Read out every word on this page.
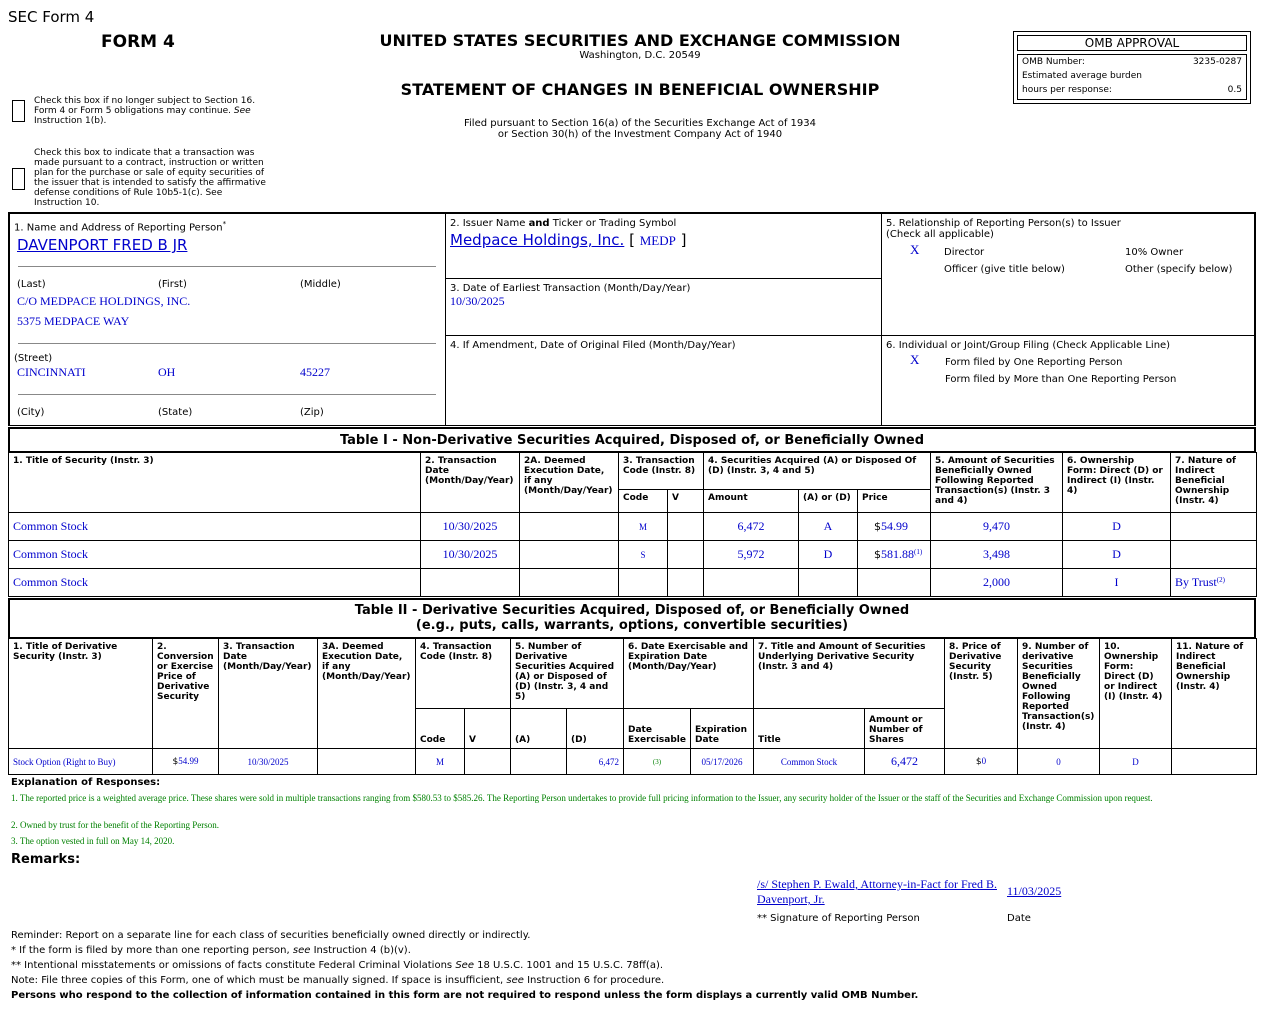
SEC Form 4
FORM 4	UNITED STATES SECURITIES AND EXCHANGE COMMISSION
Washington, D.C. 20549
STATEMENT OF CHANGES IN BENEFICIAL OWNERSHIP
Filed pursuant to Section 16(a) of the Securities Exchange Act of 1934
or Section 30(h) of the Investment Company Act of 1940
OMB APPROVAL
OMB Number:	3235-0287
Estimated average burden
hours per response:	0.5
Check this box if no longer subject to Section 16. Form 4 or Form 5 obligations may continue. See Instruction 1(b).
Check this box to indicate that a transaction was made pursuant to a contract, instruction or written plan for the purchase or sale of equity securities of the issuer that is intended to satisfy the affirmative defense conditions of Rule 10b5-1(c). See Instruction 10.
1. Name and Address of Reporting Person*
DAVENPORT FRED B JR
(Last)	(First)	(Middle)
C/O MEDPACE HOLDINGS, INC.
5375 MEDPACE WAY
(Street)
CINCINNATI	OH	45227
(City)	(State)	(Zip)
2. Issuer Name and Ticker or Trading Symbol
Medpace Holdings, Inc. [ MEDP ]
3. Date of Earliest Transaction (Month/Day/Year)
10/30/2025
4. If Amendment, Date of Original Filed (Month/Day/Year)
5. Relationship of Reporting Person(s) to Issuer
(Check all applicable)
X Director	10% Owner
Officer (give title below)	Other (specify below)
6. Individual or Joint/Group Filing (Check Applicable Line)
X	Form filed by One Reporting Person
Form filed by More than One Reporting Person
Table I - Non-Derivative Securities Acquired, Disposed of, or Beneficially Owned
1. Title of Security (Instr. 3)	2. Transaction Date (Month/Day/Year)	2A. Deemed Execution Date, if any (Month/Day/Year)	3. Transaction Code (Instr. 8)		4. Securities Acquired (A) or Disposed Of (D) (Instr. 3, 4 and 5)			5. Amount of Securities Beneficially Owned Following Reported Transaction(s) (Instr. 3 and 4)	6. Ownership Form: Direct (D) or Indirect (I) (Instr. 4)	7. Nature of Indirect Beneficial Ownership (Instr. 4)
			Code	V	Amount	(A) or (D)	Price			
Common Stock	10/30/2025		M		6,472	A	$54.99	9,470	D	
Common Stock	10/30/2025		S		5,972	D	$581.88$^{(1)}$	3,498	D	
Common Stock								2,000	I	By Trust$^{(2)}$
Table II - Derivative Securities Acquired, Disposed of, or Beneficially Owned
(e.g., puts, calls, warrants, options, convertible securities)
1. Title of Derivative Security (Instr. 3)	2. Conversion or Exercise Price of Derivative Security	3. Transaction Date (Month/Day/Year)	3A. Deemed Execution Date, if any (Month/Day/Year)	4. Transaction Code (Instr. 8)		5. Number of Derivative Securities Acquired (A) or Disposed of (D) (Instr. 3, 4 and 5)		6. Date Exercisable and Expiration Date (Month/Day/Year)		7. Title and Amount of Securities Underlying Derivative Security (Instr. 3 and 4)		8. Price of Derivative Security (Instr. 5)	9. Number of derivative Securities Beneficially Owned Following Reported Transaction(s) (Instr. 4)	10. Ownership Form: Direct (D) or Indirect (I) (Instr. 4)	11. Nature of Indirect Beneficial Ownership (Instr. 4)
				Code	V	(A)	(D)	Date Exercisable	Expiration Date	Title	Amount or Number of Shares				
Stock Option (Right to Buy)	$54.99	10/30/2025		M			6,472	(3)	05/17/2026	Common Stock	6,472	$0	0	D	
Explanation of Responses:
1. The reported price is a weighted average price. These shares were sold in multiple transactions ranging from $580.53 to $585.26. The Reporting Person undertakes to provide full pricing information to the Issuer, any security holder of the Issuer or the staff of the Securities and Exchange Commission upon request.
2. Owned by trust for the benefit of the Reporting Person.
3. The option vested in full on May 14, 2020.
Remarks:
/s/ Stephen P. Ewald, Attorney-in-Fact for Fred B. Davenport, Jr.
11/03/2025
** Signature of Reporting Person	Date
Reminder: Report on a separate line for each class of securities beneficially owned directly or indirectly.
* If the form is filed by more than one reporting person, see Instruction 4 (b)(v).
** Intentional misstatements or omissions of facts constitute Federal Criminal Violations See 18 U.S.C. 1001 and 15 U.S.C. 78ff(a).
Note: File three copies of this Form, one of which must be manually signed. If space is insufficient, see Instruction 6 for procedure.
Persons who respond to the collection of information contained in this form are not required to respond unless the form displays a currently valid OMB Number.
